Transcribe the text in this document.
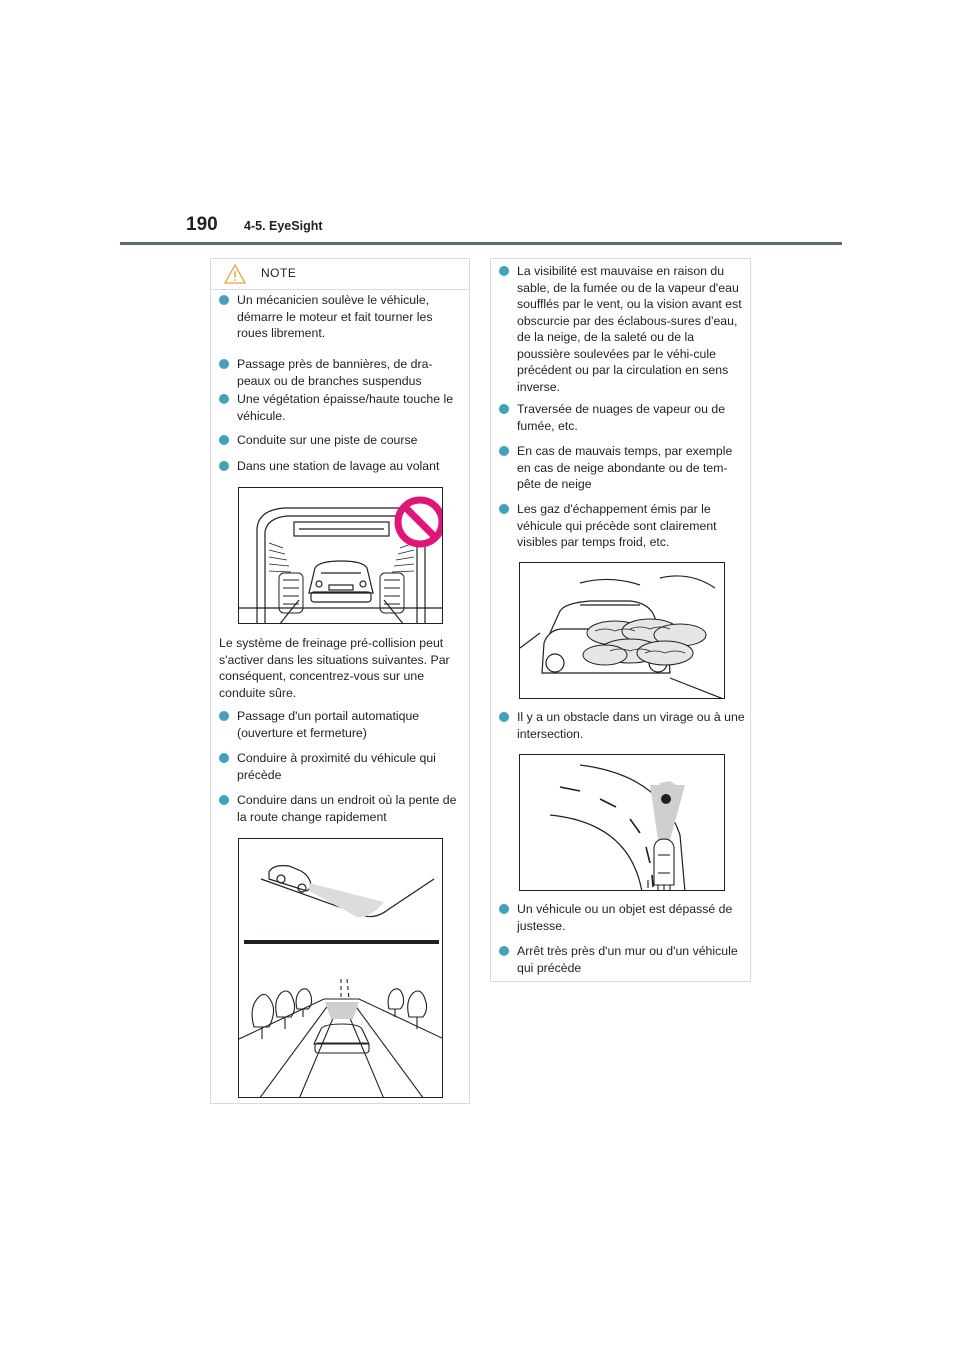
190 4-5. EyeSight
NOTE
Un mécanicien soulève le véhicule, démarre le moteur et fait tourner les roues librement.
Passage près de bannières, de dra-peaux ou de branches suspendus
Une végétation épaisse/haute touche le véhicule.
Conduite sur une piste de course
Dans une station de lavage au volant
Le système de freinage pré-collision peut s'activer dans les situations suivantes. Par conséquent, concentrez-vous sur une conduite sûre.
Passage d'un portail automatique (ouverture et fermeture)
Conduire à proximité du véhicule qui précède
Conduire dans un endroit où la pente de la route change rapidement
La visibilité est mauvaise en raison du sable, de la fumée ou de la vapeur d'eau soufflés par le vent, ou la vision avant est obscurcie par des éclabous-sures d'eau, de la neige, de la saleté ou de la poussière soulevées par le véhi-cule précédent ou par la circulation en sens inverse.
Traversée de nuages de vapeur ou de fumée, etc.
En cas de mauvais temps, par exemple en cas de neige abondante ou de tem-pête de neige
Les gaz d'échappement émis par le véhicule qui précède sont clairement visibles par temps froid, etc.
Il y a un obstacle dans un virage ou à une intersection.
Un véhicule ou un objet est dépassé de justesse.
Arrêt très près d'un mur ou d'un véhicule qui précède
